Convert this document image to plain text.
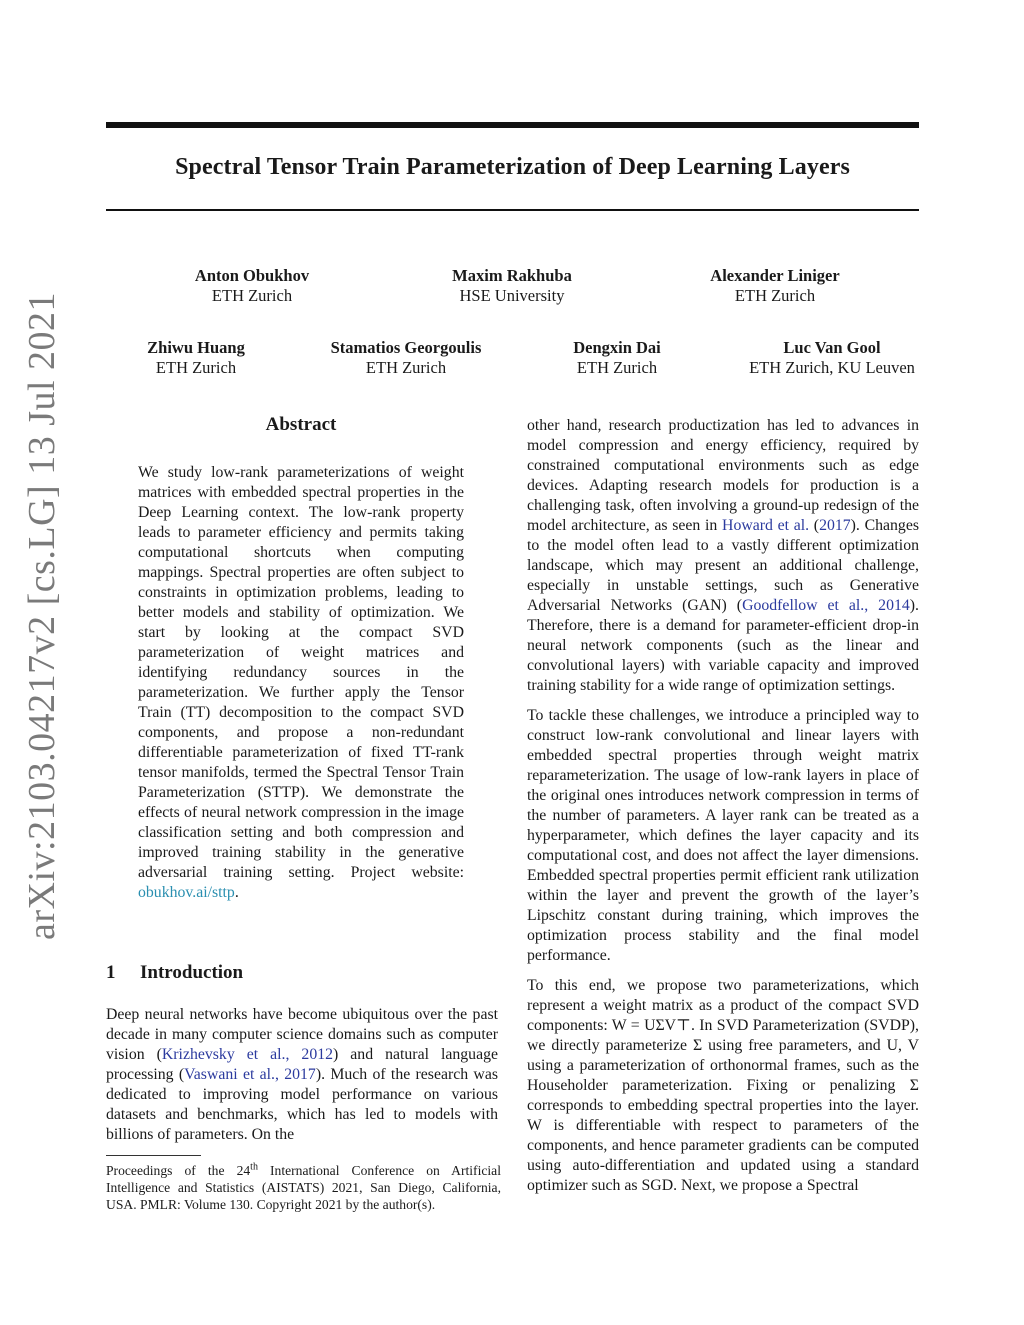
arXiv:2103.04217v2 [cs.LG] 13 Jul 2021
Spectral Tensor Train Parameterization of Deep Learning Layers
Anton Obukhov
ETH Zurich
Maxim Rakhuba
HSE University
Alexander Liniger
ETH Zurich
Zhiwu Huang
ETH Zurich
Stamatios Georgoulis
ETH Zurich
Dengxin Dai
ETH Zurich
Luc Van Gool
ETH Zurich, KU Leuven
Abstract
We study low-rank parameterizations of weight matrices with embedded spectral properties in the Deep Learning context. The low-rank property leads to parameter efficiency and permits taking computational shortcuts when computing mappings. Spectral properties are often subject to constraints in optimization problems, leading to better models and stability of optimization. We start by looking at the compact SVD parameterization of weight matrices and identifying redundancy sources in the parameterization. We further apply the Tensor Train (TT) decomposition to the compact SVD components, and propose a non-redundant differentiable parameterization of fixed TT-rank tensor manifolds, termed the Spectral Tensor Train Parameterization (STTP). We demonstrate the effects of neural network compression in the image classification setting and both compression and improved training stability in the generative adversarial training setting. Project website: obukhov.ai/sttp.
1 Introduction
Deep neural networks have become ubiquitous over the past decade in many computer science domains such as computer vision (Krizhevsky et al., 2012) and natural language processing (Vaswani et al., 2017). Much of the research was dedicated to improving model performance on various datasets and benchmarks, which has led to models with billions of parameters. On the
Proceedings of the 24th International Conference on Artificial Intelligence and Statistics (AISTATS) 2021, San Diego, California, USA. PMLR: Volume 130. Copyright 2021 by the author(s).

other hand, research productization has led to advances in model compression and energy efficiency, required by constrained computational environments such as edge devices. Adapting research models for production is a challenging task, often involving a ground-up redesign of the model architecture, as seen in Howard et al. (2017). Changes to the model often lead to a vastly different optimization landscape, which may present an additional challenge, especially in unstable settings, such as Generative Adversarial Networks (GAN) (Goodfellow et al., 2014). Therefore, there is a demand for parameter-efficient drop-in neural network components (such as the linear and convolutional layers) with variable capacity and improved training stability for a wide range of optimization settings.

To tackle these challenges, we introduce a principled way to construct low-rank convolutional and linear layers with embedded spectral properties through weight matrix reparameterization. The usage of low-rank layers in place of the original ones introduces network compression in terms of the number of parameters. A layer rank can be treated as a hyperparameter, which defines the layer capacity and its computational cost, and does not affect the layer dimensions. Embedded spectral properties permit efficient rank utilization within the layer and prevent the growth of the layer’s Lipschitz constant during training, which improves the optimization process stability and the final model performance.

To this end, we propose two parameterizations, which represent a weight matrix as a product of the compact SVD components: W = UΣV⊤. In SVD Parameterization (SVDP), we directly parameterize Σ using free parameters, and U, V using a parameterization of orthonormal frames, such as the Householder parameterization. Fixing or penalizing Σ corresponds to embedding spectral properties into the layer. W is differentiable with respect to parameters of the components, and hence parameter gradients can be computed using auto-differentiation and updated using a standard optimizer such as SGD. Next, we propose a Spectral
